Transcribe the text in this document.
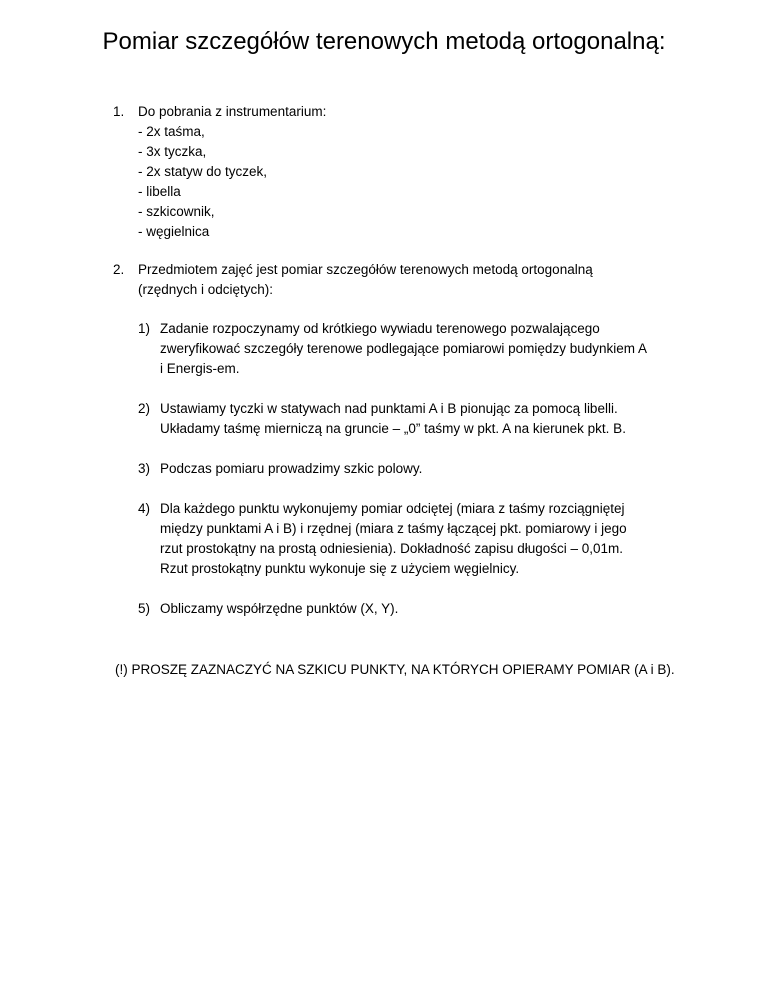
Pomiar szczegółów terenowych metodą ortogonalną:
1. Do pobrania z instrumentarium:
- 2x taśma,
- 3x tyczka,
- 2x statyw do tyczek,
- libella
- szkicownik,
- węgielnica
2. Przedmiotem zajęć jest pomiar szczegółów terenowych metodą ortogonalną
(rzędnych i odciętych):
1) Zadanie rozpoczynamy od krótkiego wywiadu terenowego pozwalającego
zweryfikować szczegóły terenowe podlegające pomiarowi pomiędzy budynkiem A
i Energis-em.
2) Ustawiamy tyczki w statywach nad punktami A i B pionując za pomocą libelli.
Układamy taśmę mierniczą na gruncie – „0” taśmy w pkt. A na kierunek pkt. B.
3) Podczas pomiaru prowadzimy szkic polowy.
4) Dla każdego punktu wykonujemy pomiar odciętej (miara z taśmy rozciągniętej
między punktami A i B) i rzędnej (miara z taśmy łączącej pkt. pomiarowy i jego
rzut prostokątny na prostą odniesienia). Dokładność zapisu długości – 0,01m.
Rzut prostokątny punktu wykonuje się z użyciem węgielnicy.
5) Obliczamy współrzędne punktów (X, Y).
(!) PROSZĘ ZAZNACZYĆ NA SZKICU PUNKTY, NA KTÓRYCH OPIERAMY POMIAR (A i B).
